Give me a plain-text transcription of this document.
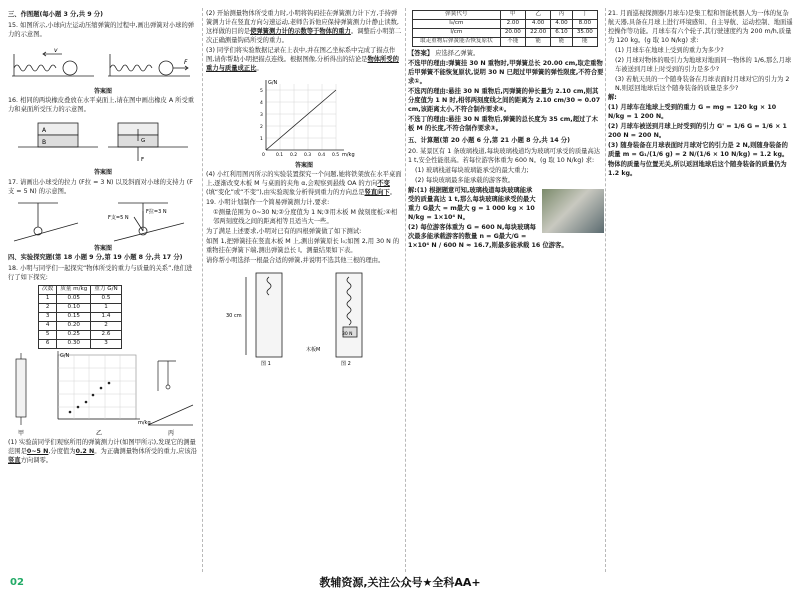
三、作图题(每小题 3 分,共 9 分)

15. 如图所示,小球向左运动压缩弹簧的过程中,画出弹簧对小球的弹力的示意图。

v
F

答案图

16. 相同的两块橡皮叠放在水平桌面上,请在图中画出橡皮 A 所受重力和桌面所受压力的示意图。

A
B	G
F

答案图

17. 请画出小球受的拉力 (F拉 = 3 N) 以及斜面对小球的支持力 (F支 = 5 N) 的示意图。

F拉=3 N
F支=5 N

答案图

四、实验探究题(第 18 小题 9 分,第 19 小题 8 分,共 17 分)

18. 小明与同学们一起探究“物体所受的重力与质量的关系”,他们进行了如下探究:

次数	质量 m/kg	重力 G/N
1	0.05	0.5
2	0.10	1
3	0.15	1.4
4	0.20	2
5	0.25	2.6
6	0.30	3
G/N
m/kg
甲	乙	丙

(1) 实验前同学们观察所用的弹簧测力计(如图甲所示),发现它的测量范围是0~5 N,分度值为0.2 N。为正确测量物体所受的重力,应该沿竖直方向调零。

(2) 开始测量物体所受重力时,小明将钩码挂在弹簧测力计下方,手持弹簧测力计在竖直方向匀速运动,老师告诉他应保持弹簧测力计静止读数,这样做的目的是使弹簧测力计的示数等于物体的重力。调整后小明第二次正确测量钩码所受的重力。

(3) 同学们将实验数据记录在上表中,并在图乙坐标系中完成了描点作图,请你帮助小明把描点连线。根据图像,分析得出的结论是物体所受的重力与质量成正比。

G/N
m/kg
0 0.1 0.2 0.3 0.4 0.5
1
2
3
4
5

答案图

(4) 小红利用图丙所示的实验装置探究一个问题,她将铁架放在水平桌面上,逐渐改变木板 M 与桌面的夹角 α,会观察到悬线 OA 的方向不变(填“变化”或“不变”),由实验现象分析得到重力的方向总是竖直向下。

19. 小明计划制作一个简易弹簧测力计,要求:

①测量范围为 0~30 N;②分度值为 1 N;③用木板 M 做刻度板;④相邻两刻度线之间的距离相等且适当大一些。

为了满足上述要求,小明对已有的四根弹簧做了如下测试:

如图 1,把弹簧挂在竖直木板 M 上,测出弹簧原长 l₀;如图 2,用 30 N 的重物挂在弹簧下端,测出弹簧总长 l。测量结果如下表。

请你帮小明选择一根最合适的弹簧,并说明不选其他三根的理由。

30 cm
30 N
木板M
图 1	图 2
弹簧代号	甲	乙	丙	丁
l₀/cm	2.00	4.00	4.00	8.00
l/cm	20.00	22.00	6.10	35.00
取走重物后弹簧能否恢复原状	不能	能	能	能

【答案】 应选择乙弹簧。

不选甲的理由:弹簧挂 30 N 重物时,甲弹簧总长 20.00 cm,取走重物后甲弹簧不能恢复原状,说明 30 N 已超过甲弹簧的弹性限度,不符合要求①。

不选丙的理由:悬挂 30 N 重物后,丙弹簧的伸长量为 2.10 cm,则其分度值为 1 N 时,相邻两刻度线之间的距离为 2.10 cm/30 ≈ 0.07 cm,该距离太小,不符合制作要求④。

不选丁的理由:悬挂 30 N 重物后,弹簧的总长度为 35 cm,超过了木板 M 的长度,不符合制作要求③。

五、计算题(第 20 小题 6 分,第 21 小题 8 分,共 14 分)

20. 某景区有 1 条玻璃栈道,每块玻璃栈道均为玻璃可承受的质量高达 1 t,安全性能很高。若每位游客体重为 600 N。(g 取 10 N/kg) 求:

(1) 玻璃栈道每块玻璃能承受的最大重力;

(2) 每块玻璃最多能承载的游客数。

解:(1) 根据题意可知,玻璃栈道每块玻璃能承受的质量高达 1 t,那么每块玻璃能承受的最大重力 G最大 = m最大 g = 1 000 kg × 10 N/kg = 1×10⁴ N。

(2) 每位游客体重为 G = 600 N,每块玻璃每次最多能承载游客的数量 n = G最大/G = 1×10⁴ N / 600 N ≈ 16.7,则最多能承载 16 位游客。

21. 月面巡视探测器(月球车)是集工程和智能机器人为一体的复杂航天器,具备在月球上进行环境感知、自主导航、运动控制、地面遥控操作等功能。月球车有六个轮子,其行驶速度约为 200 m/h,质量为 120 kg。(g 取 10 N/kg) 求:

(1) 月球车在地球上受到的重力为多少?

(2) 月球对物体的吸引力为地球对地面同一物体的 1/6,那么月球车被送到月球上时受到的引力是多少?

(3) 若航天员的一个随身装备在月球表面时月球对它的引力为 2 N,则返回地球后这个随身装备的质量是多少?

解:

(1) 月球车在地球上受到的重力 G = mg = 120 kg × 10 N/kg = 1 200 N。

(2) 月球车被送到月球上时受到的引力 G' = 1/6 G = 1/6 × 1 200 N = 200 N。

(3) 随身装备在月球表面时月球对它的引力是 2 N,则随身装备的质量 m = G₁/(1/6 g) = 2 N/(1/6 × 10 N/kg) = 1.2 kg。

物体的质量与位置无关,所以返回地球后这个随身装备的质量仍为 1.2 kg。

02	教辅资源,关注公众号★全科AA+
